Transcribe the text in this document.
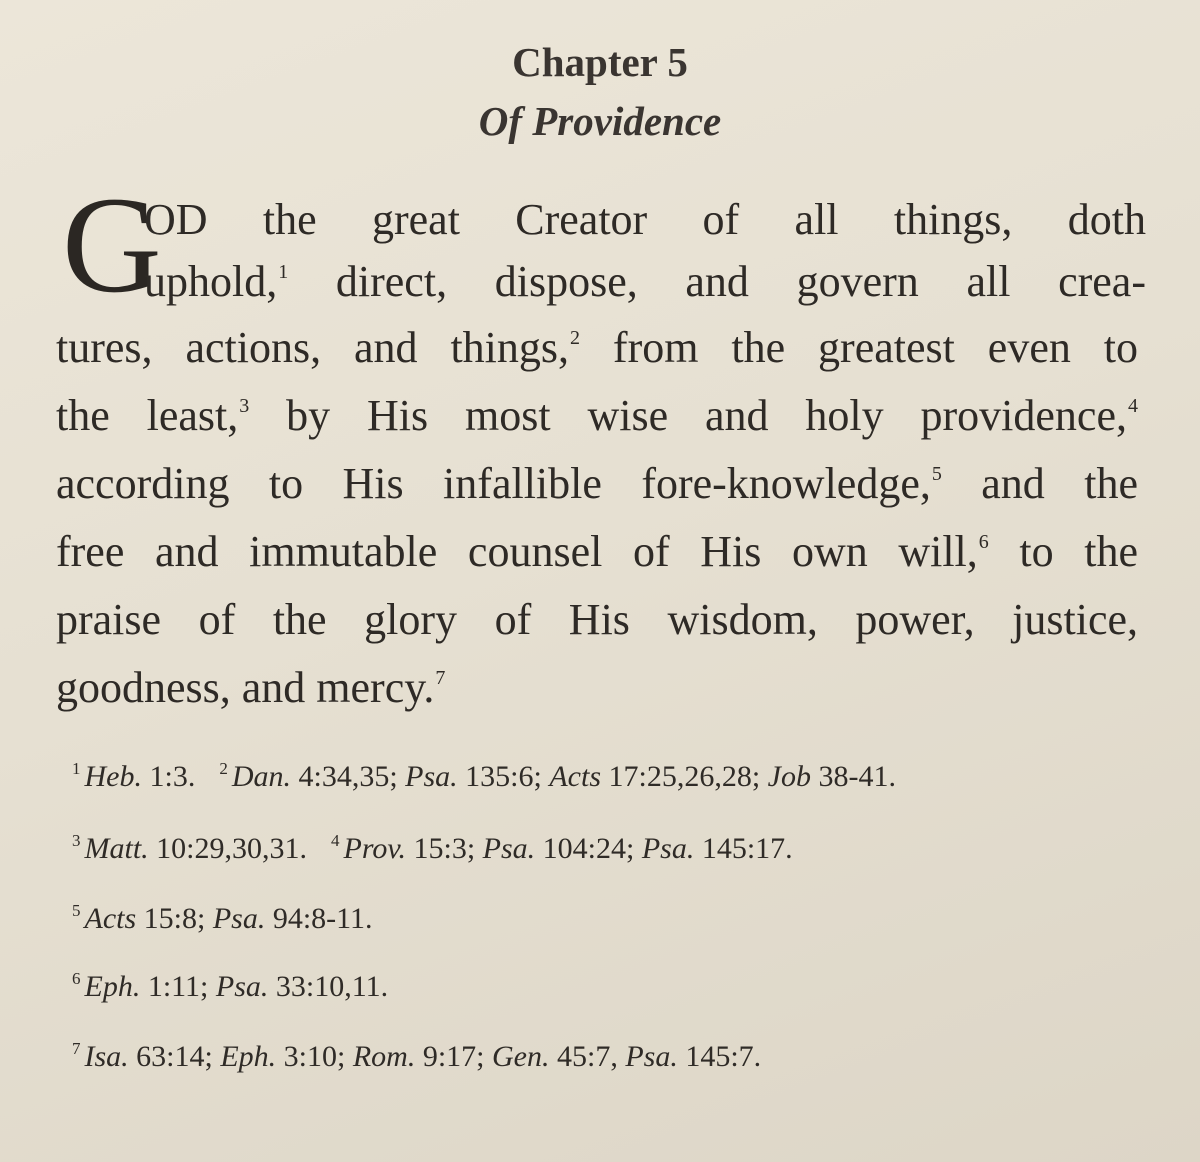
Chapter 5
Of Providence
G
OD the great Creator of all things, doth
uphold,$^1$ direct, dispose, and govern all crea-
tures, actions, and things,$^2$ from the greatest even to
the least,$^3$ by His most wise and holy providence,$^4$
according to His infallible fore-knowledge,$^5$ and the
free and immutable counsel of His own will,$^6$ to the
praise of the glory of His wisdom, power, justice,
goodness, and mercy.$^7$
$^1$ Heb. 1:3. $^2$ Dan. 4:34,35; Psa. 135:6; Acts 17:25,26,28; Job 38-41.
$^3$ Matt. 10:29,30,31. $^4$ Prov. 15:3; Psa. 104:24; Psa. 145:17.
$^5$ Acts 15:8; Psa. 94:8-11.
$^6$ Eph. 1:11; Psa. 33:10,11.
$^7$ Isa. 63:14; Eph. 3:10; Rom. 9:17; Gen. 45:7, Psa. 145:7.
